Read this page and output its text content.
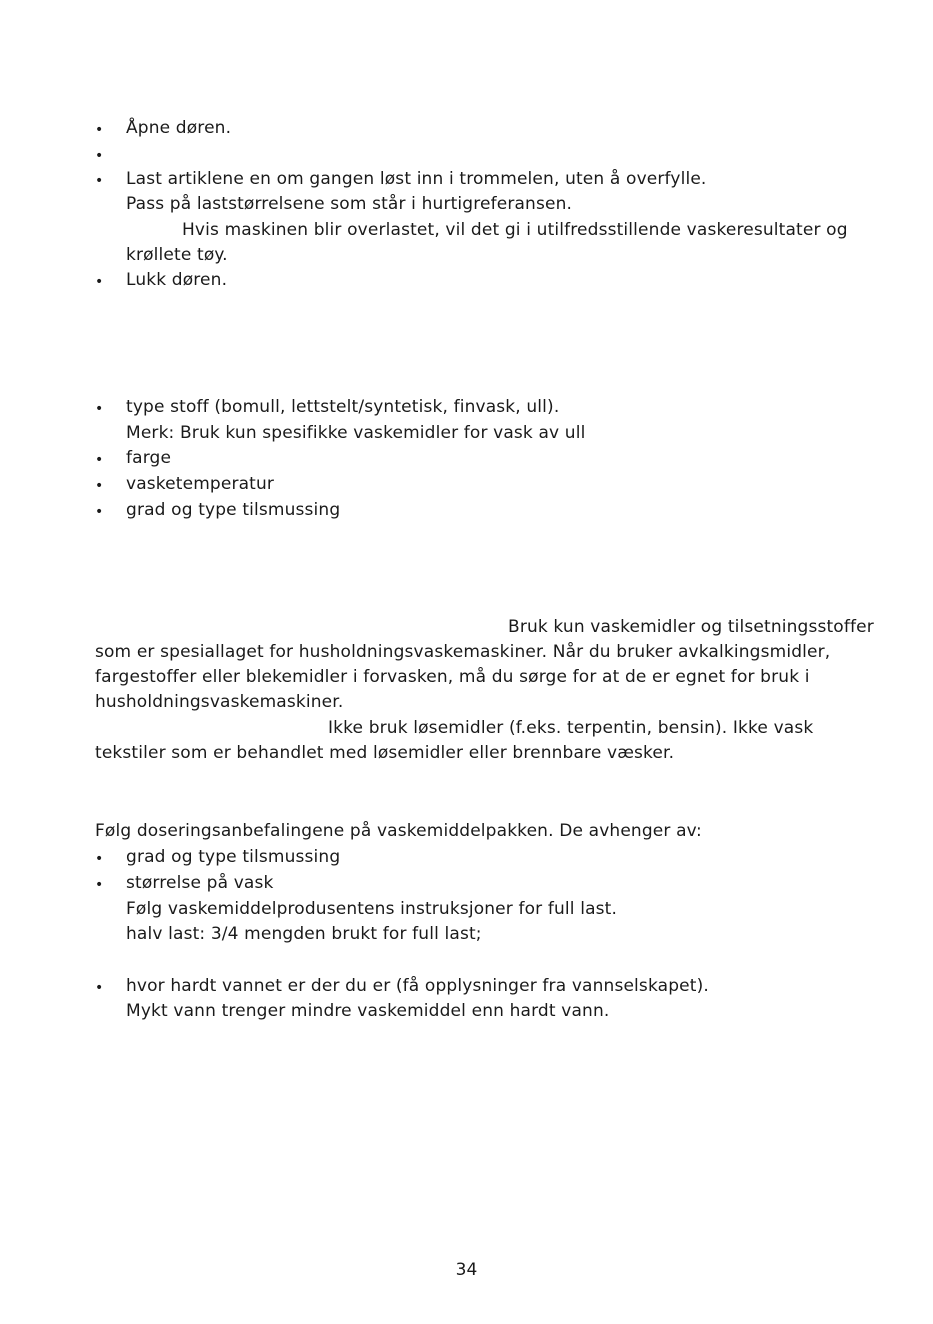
• Åpne døren.
•
• Last artiklene en om gangen løst inn i trommelen, uten å overfylle.
Pass på laststørrelsene som står i hurtigreferansen.
Hvis maskinen blir overlastet, vil det gi i utilfredsstillende vaskeresultater og
krøllete tøy.
• Lukk døren.
• type stoff (bomull, lettstelt/syntetisk, finvask, ull).
Merk: Bruk kun spesifikke vaskemidler for vask av ull
• farge
• vasketemperatur
• grad og type tilsmussing
Bruk kun vaskemidler og tilsetningsstoffer
som er spesiallaget for husholdningsvaskemaskiner. Når du bruker avkalkingsmidler,
fargestoffer eller blekemidler i forvasken, må du sørge for at de er egnet for bruk i
husholdningsvaskemaskiner.
Ikke bruk løsemidler (f.eks. terpentin, bensin). Ikke vask
tekstiler som er behandlet med løsemidler eller brennbare væsker.
Følg doseringsanbefalingene på vaskemiddelpakken. De avhenger av:
• grad og type tilsmussing
• størrelse på vask
Følg vaskemiddelprodusentens instruksjoner for full last.
halv last: 3/4 mengden brukt for full last;
• hvor hardt vannet er der du er (få opplysninger fra vannselskapet).
Mykt vann trenger mindre vaskemiddel enn hardt vann.
34
